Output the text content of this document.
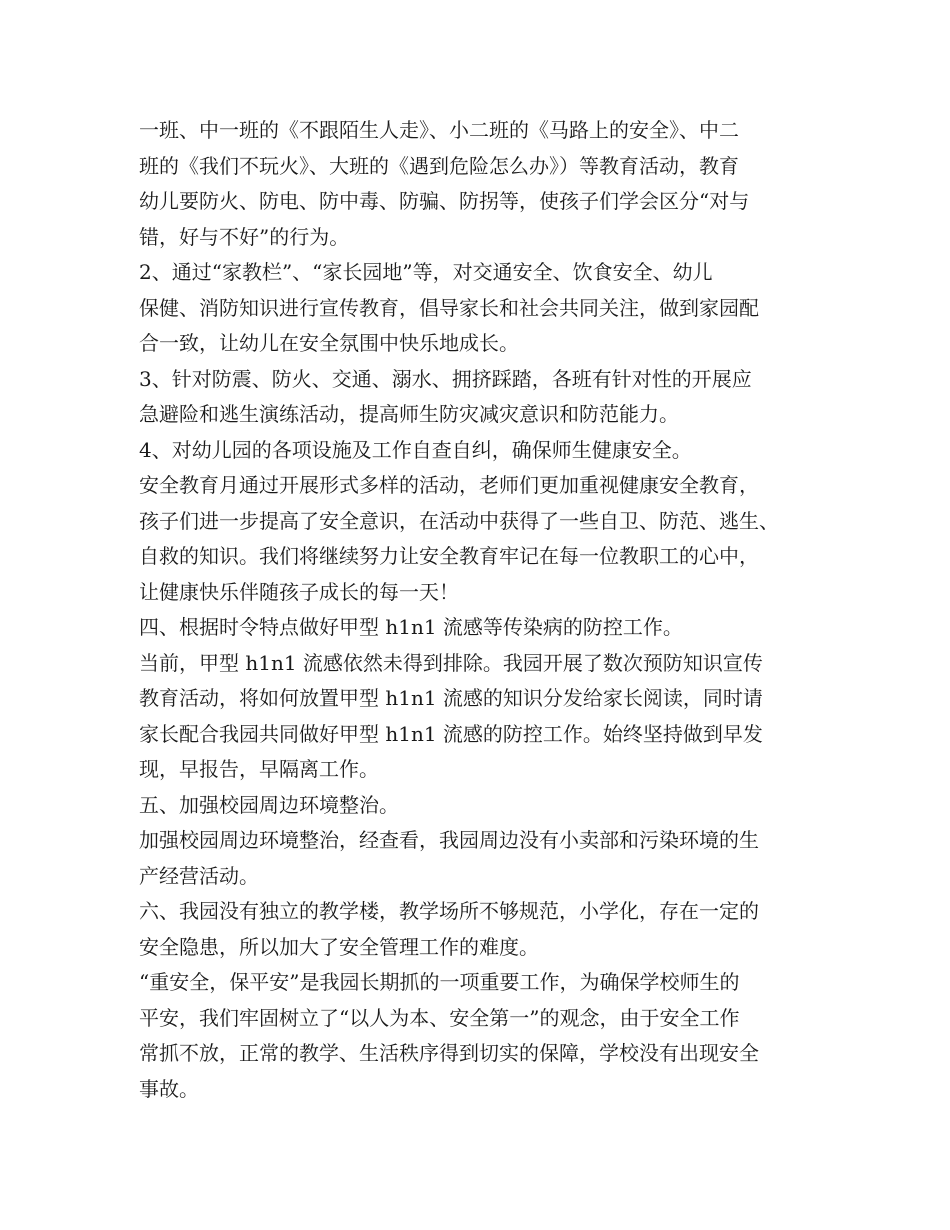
一班、中一班的《不跟陌生人走》、小二班的《马路上的安全》、中二
班的《我们不玩火》、大班的《遇到危险怎么办》）等教育活动，教育
幼儿要防火、防电、防中毒、防骗、防拐等，使孩子们学会区分“对与
错，好与不好”的行为。
2、通过“家教栏”、“家长园地”等，对交通安全、饮食安全、幼儿
保健、消防知识进行宣传教育，倡导家长和社会共同关注，做到家园配
合一致，让幼儿在安全氛围中快乐地成长。
3、针对防震、防火、交通、溺水、拥挤踩踏，各班有针对性的开展应
急避险和逃生演练活动，提高师生防灾减灾意识和防范能力。
4、对幼儿园的各项设施及工作自查自纠，确保师生健康安全。
安全教育月通过开展形式多样的活动，老师们更加重视健康安全教育，
孩子们进一步提高了安全意识，在活动中获得了一些自卫、防范、逃生、
自救的知识。我们将继续努力让安全教育牢记在每一位教职工的心中，
让健康快乐伴随孩子成长的每一天！
四、根据时令特点做好甲型 h1n1 流感等传染病的防控工作。
当前，甲型 h1n1 流感依然未得到排除。我园开展了数次预防知识宣传
教育活动，将如何放置甲型 h1n1 流感的知识分发给家长阅读，同时请
家长配合我园共同做好甲型 h1n1 流感的防控工作。始终坚持做到早发
现，早报告，早隔离工作。
五、加强校园周边环境整治。
加强校园周边环境整治，经查看，我园周边没有小卖部和污染环境的生
产经营活动。
六、我园没有独立的教学楼，教学场所不够规范，小学化，存在一定的
安全隐患，所以加大了安全管理工作的难度。
“重安全，保平安”是我园长期抓的一项重要工作，为确保学校师生的
平安，我们牢固树立了“以人为本、安全第一”的观念，由于安全工作
常抓不放，正常的教学、生活秩序得到切实的保障，学校没有出现安全
事故。
